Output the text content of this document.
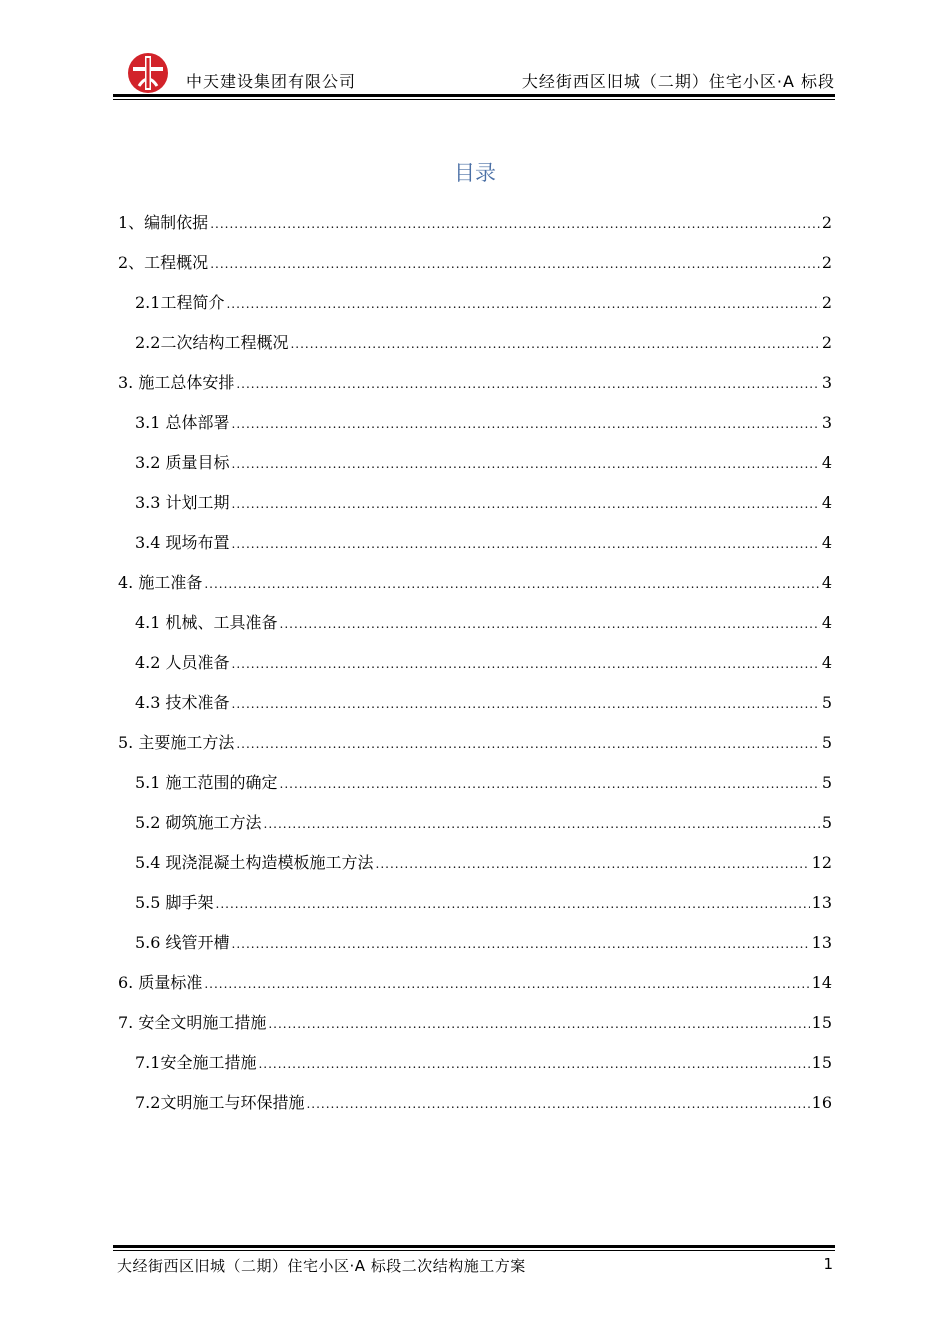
中天建设集团有限公司	大经街西区旧城（二期）住宅小区·A 标段
目录
1、编制依据 .....	2
2、工程概况 .....	2
2.1工程简介 .....	2
2.2二次结构工程概况 .....	2
3. 施工总体安排 .....	3
3.1 总体部署 .....	3
3.2 质量目标 .....	4
3.3 计划工期 .....	4
3.4 现场布置 .....	4
4. 施工准备 .....	4
4.1 机械、工具准备 .....	4
4.2 人员准备 .....	4
4.3 技术准备 .....	5
5. 主要施工方法 .....	5
5.1 施工范围的确定 .....	5
5.2 砌筑施工方法 .....	5
5.4 现浇混凝土构造模板施工方法 .....	12
5.5 脚手架 .....	13
5.6 线管开槽 .....	13
6. 质量标准 .....	14
7. 安全文明施工措施 .....	15
7.1安全施工措施 .....	15
7.2文明施工与环保措施 .....	16
大经街西区旧城（二期）住宅小区·A 标段二次结构施工方案	1
